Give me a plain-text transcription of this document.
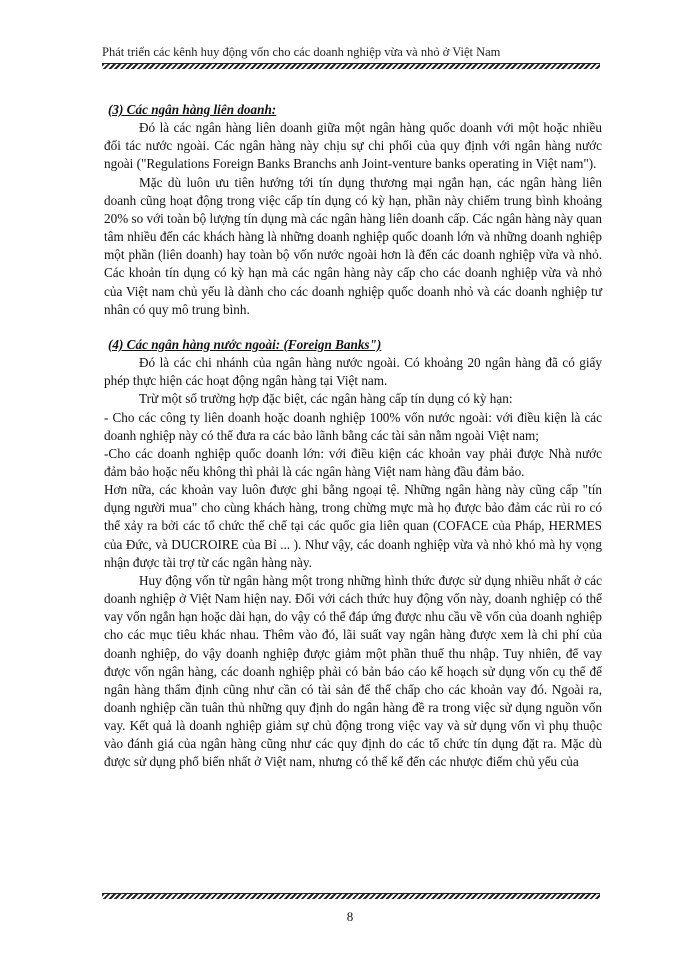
Phát triển các kênh huy động vốn cho các doanh nghiệp vừa và nhỏ ở Việt Nam

(3) Các ngân hàng liên doanh:

Đó là các ngân hàng liên doanh giữa một ngân hàng quốc doanh với một hoặc nhiều đối tác nước ngoài. Các ngân hàng này chịu sự chi phối của quy định với ngân hàng nước ngoài ("Regulations Foreign Banks Branchs anh Joint-venture banks operating in Việt nam").

Mặc dù luôn ưu tiên hướng tới tín dụng thương mại ngắn hạn, các ngân hàng liên doanh cũng hoạt động trong việc cấp tín dụng có kỳ hạn, phần này chiếm trung bình khoảng 20% so với toàn bộ lượng tín dụng mà các ngân hàng liên doanh cấp. Các ngân hàng này quan tâm nhiều đến các khách hàng là những doanh nghiệp quốc doanh lớn và những doanh nghiệp một phần (liên doanh) hay toàn bộ vốn nước ngoài hơn là đến các doanh nghiệp vừa và nhỏ. Các khoản tín dụng có kỳ hạn mà các ngân hàng này cấp cho các doanh nghiệp vừa và nhỏ của Việt nam chủ yếu là dành cho các doanh nghiệp quốc doanh nhỏ và các doanh nghiệp tư nhân có quy mô trung bình.

(4) Các ngân hàng nước ngoài: (Foreign Banks")

Đó là các chi nhánh của ngân hàng nước ngoài. Có khoảng 20 ngân hàng đã có giấy phép thực hiện các hoạt động ngân hàng tại Việt nam.

Trừ một số trường hợp đặc biệt, các ngân hàng cấp tín dụng có kỳ hạn:

- Cho các công ty liên doanh hoặc doanh nghiệp 100% vốn nước ngoài: với điều kiện là các doanh nghiệp này có thể đưa ra các bảo lãnh bằng các tài sản nằm ngoài Việt nam;

-Cho các doanh nghiệp quốc doanh lớn: với điều kiện các khoản vay phải được Nhà nước đảm bảo hoặc nếu không thì phải là các ngân hàng Việt nam hàng đầu đảm bảo.

Hơn nữa, các khoản vay luôn được ghi bằng ngoại tệ. Những ngân hàng này cũng cấp "tín dụng người mua" cho cùng khách hàng, trong chừng mực mà họ được bảo đảm các rủi ro có thể xảy ra bởi các tổ chức thế chế tại các quốc gia liên quan (COFACE của Pháp, HERMES của Đức, và DUCROIRE của Bỉ ... ). Như vậy, các doanh nghiệp vừa và nhỏ khó mà hy vọng nhận được tài trợ từ các ngân hàng này.

Huy động vốn từ ngân hàng một trong những hình thức được sử dụng nhiều nhất ở các doanh nghiệp ở Việt Nam hiện nay. Đối với cách thức huy động vốn này, doanh nghiệp có thể vay vốn ngắn hạn hoặc dài hạn, do vậy có thể đáp ứng được nhu cầu về vốn của doanh nghiệp cho các mục tiêu khác nhau. Thêm vào đó, lãi suất vay ngân hàng được xem là chi phí của doanh nghiệp, do vậy doanh nghiệp được giảm một phần thuế thu nhập. Tuy nhiên, để vay được vốn ngân hàng, các doanh nghiệp phải có bản báo cáo kế hoạch sử dụng vốn cụ thể để ngân hàng thẩm định cũng như cần có tài sản để thế chấp cho các khoản vay đó. Ngoài ra, doanh nghiệp cần tuân thủ những quy định do ngân hàng đề ra trong việc sử dụng nguồn vốn vay. Kết quả là doanh nghiệp giảm sự chủ động trong việc vay và sử dụng vốn vì phụ thuộc vào đánh giá của ngân hàng cũng như các quy định do các tổ chức tín dụng đặt ra. Mặc dù được sử dụng phổ biến nhất ở Việt nam, nhưng có thể kể đến các nhược điểm chủ yếu của

8
